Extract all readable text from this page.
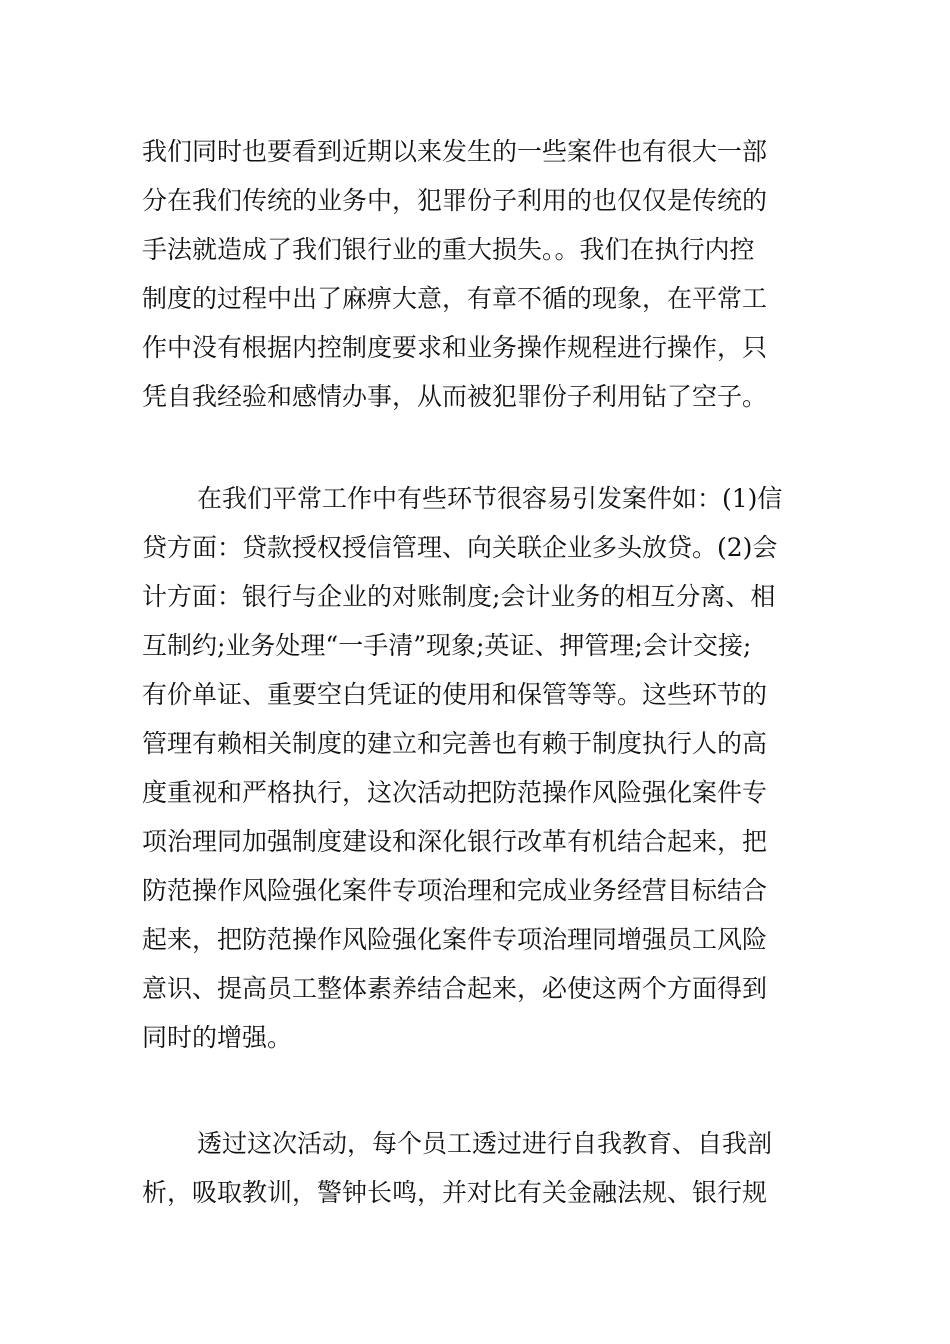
我们同时也要看到近期以来发生的一些案件也有很大一部
分在我们传统的业务中，犯罪份子利用的也仅仅是传统的
手法就造成了我们银行业的重大损失。。我们在执行内控
制度的过程中出了麻痹大意，有章不循的现象，在平常工
作中没有根据内控制度要求和业务操作规程进行操作，只
凭自我经验和感情办事，从而被犯罪份子利用钻了空子。
在我们平常工作中有些环节很容易引发案件如：(1)信
贷方面：贷款授权授信管理、向关联企业多头放贷。(2)会
计方面：银行与企业的对账制度;会计业务的相互分离、相
互制约;业务处理“一手清”现象;英证、押管理;会计交接;
有价单证、重要空白凭证的使用和保管等等。这些环节的
管理有赖相关制度的建立和完善也有赖于制度执行人的高
度重视和严格执行，这次活动把防范操作风险强化案件专
项治理同加强制度建设和深化银行改革有机结合起来，把
防范操作风险强化案件专项治理和完成业务经营目标结合
起来，把防范操作风险强化案件专项治理同增强员工风险
意识、提高员工整体素养结合起来，必使这两个方面得到
同时的增强。
透过这次活动，每个员工透过进行自我教育、自我剖
析，吸取教训，警钟长鸣，并对比有关金融法规、银行规
